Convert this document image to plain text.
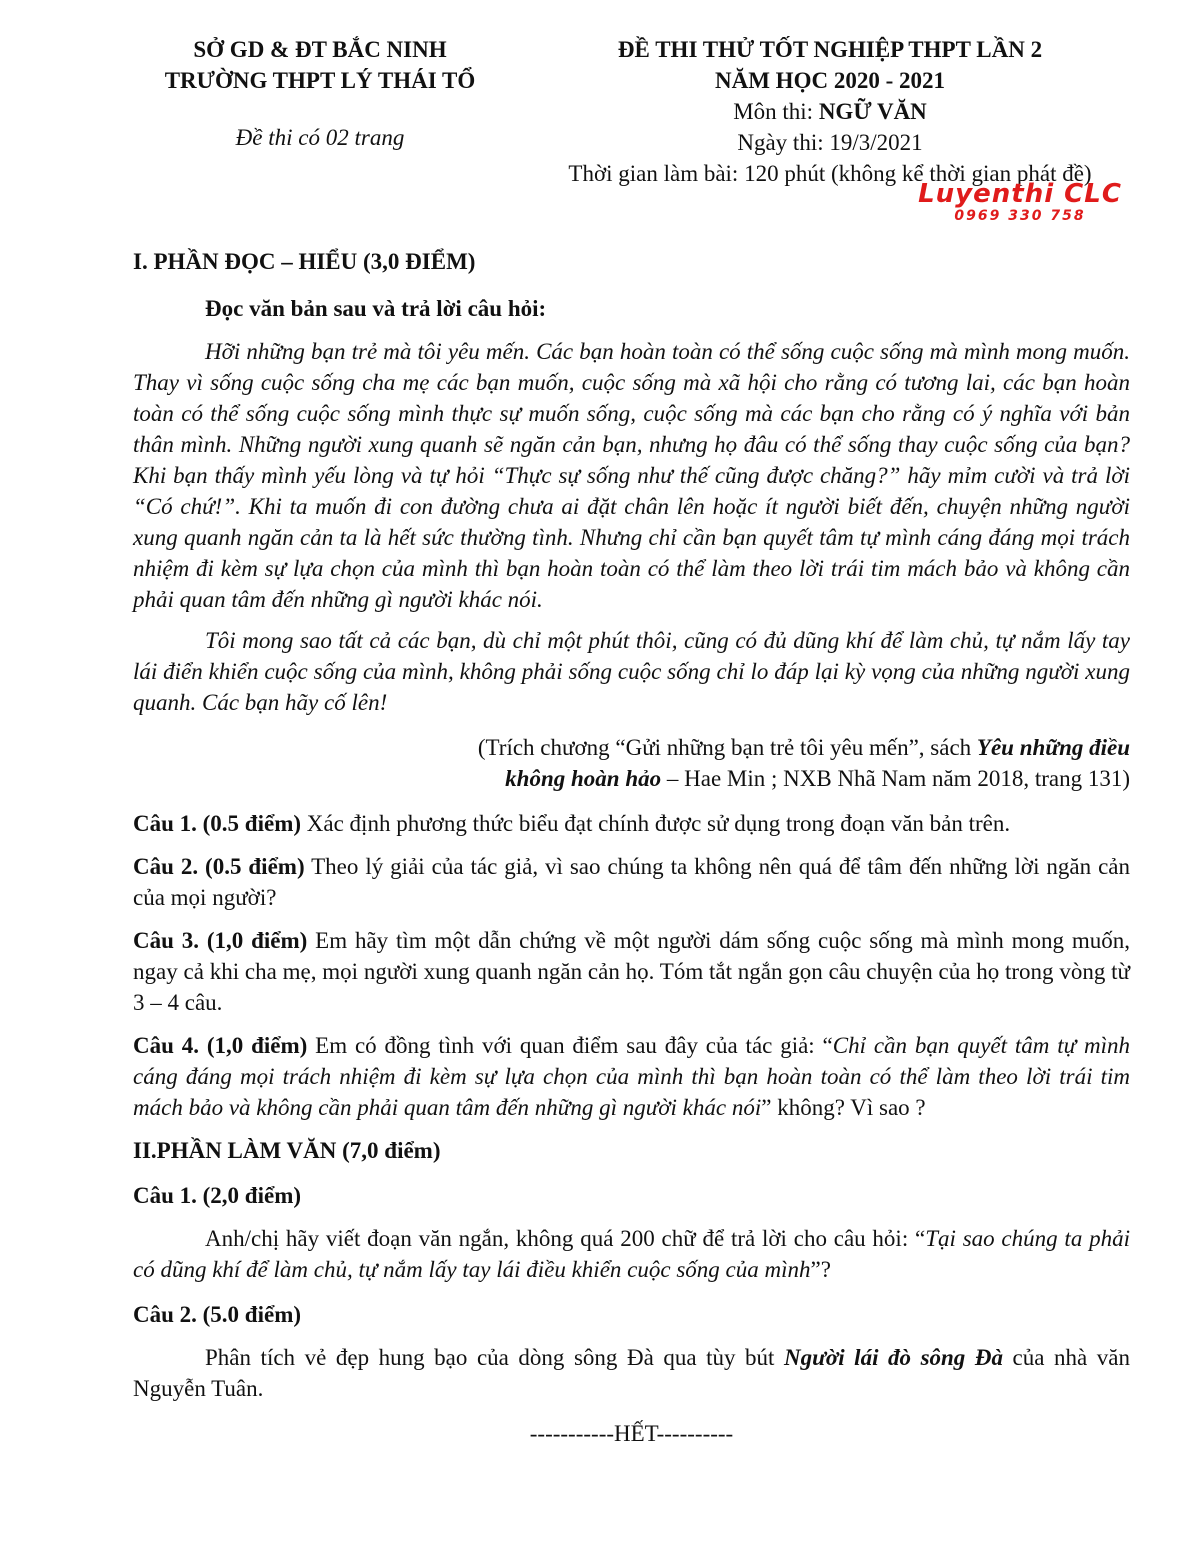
SỞ GD & ĐT BẮC NINH
TRƯỜNG THPT LÝ THÁI TỔ
Đề thi có 02 trang
ĐỀ THI THỬ TỐT NGHIỆP THPT LẦN 2
NĂM HỌC 2020 - 2021
Môn thi: NGỮ VĂN
Ngày thi: 19/3/2021
Thời gian làm bài: 120 phút (không kể thời gian phát đề)
Luyenthi CLC
0969 330 758
I. PHẦN ĐỌC – HIỂU (3,0 ĐIỂM)
Đọc văn bản sau và trả lời câu hỏi:

Hỡi những bạn trẻ mà tôi yêu mến. Các bạn hoàn toàn có thể sống cuộc sống mà mình mong muốn. Thay vì sống cuộc sống cha mẹ các bạn muốn, cuộc sống mà xã hội cho rằng có tương lai, các bạn hoàn toàn có thể sống cuộc sống mình thực sự muốn sống, cuộc sống mà các bạn cho rằng có ý nghĩa với bản thân mình. Những người xung quanh sẽ ngăn cản bạn, nhưng họ đâu có thể sống thay cuộc sống của bạn? Khi bạn thấy mình yếu lòng và tự hỏi “Thực sự sống như thế cũng được chăng?” hãy mỉm cười và trả lời “Có chứ!”. Khi ta muốn đi con đường chưa ai đặt chân lên hoặc ít người biết đến, chuyện những người xung quanh ngăn cản ta là hết sức thường tình. Nhưng chỉ cần bạn quyết tâm tự mình cáng đáng mọi trách nhiệm đi kèm sự lựa chọn của mình thì bạn hoàn toàn có thể làm theo lời trái tim mách bảo và không cần phải quan tâm đến những gì người khác nói.

Tôi mong sao tất cả các bạn, dù chỉ một phút thôi, cũng có đủ dũng khí để làm chủ, tự nắm lấy tay lái điển khiển cuộc sống của mình, không phải sống cuộc sống chỉ lo đáp lại kỳ vọng của những người xung quanh. Các bạn hãy cố lên!

(Trích chương “Gửi những bạn trẻ tôi yêu mến”, sách Yêu những điều
không hoàn hảo – Hae Min ; NXB Nhã Nam năm 2018, trang 131)

Câu 1. (0.5 điểm) Xác định phương thức biểu đạt chính được sử dụng trong đoạn văn bản trên.

Câu 2. (0.5 điểm) Theo lý giải của tác giả, vì sao chúng ta không nên quá để tâm đến những lời ngăn cản của mọi người?

Câu 3. (1,0 điểm) Em hãy tìm một dẫn chứng về một người dám sống cuộc sống mà mình mong muốn, ngay cả khi cha mẹ, mọi người xung quanh ngăn cản họ. Tóm tắt ngắn gọn câu chuyện của họ trong vòng từ 3 – 4 câu.

Câu 4. (1,0 điểm) Em có đồng tình với quan điểm sau đây của tác giả: “Chỉ cần bạn quyết tâm tự mình cáng đáng mọi trách nhiệm đi kèm sự lựa chọn của mình thì bạn hoàn toàn có thể làm theo lời trái tim mách bảo và không cần phải quan tâm đến những gì người khác nói” không? Vì sao ?

II.PHẦN LÀM VĂN (7,0 điểm)
Câu 1. (2,0 điểm)

Anh/chị hãy viết đoạn văn ngắn, không quá 200 chữ để trả lời cho câu hỏi: “Tại sao chúng ta phải có dũng khí để làm chủ, tự nắm lấy tay lái điều khiển cuộc sống của mình”?

Câu 2. (5.0 điểm)

Phân tích vẻ đẹp hung bạo của dòng sông Đà qua tùy bút Người lái đò sông Đà của nhà văn Nguyễn Tuân.

-----------HẾT----------
